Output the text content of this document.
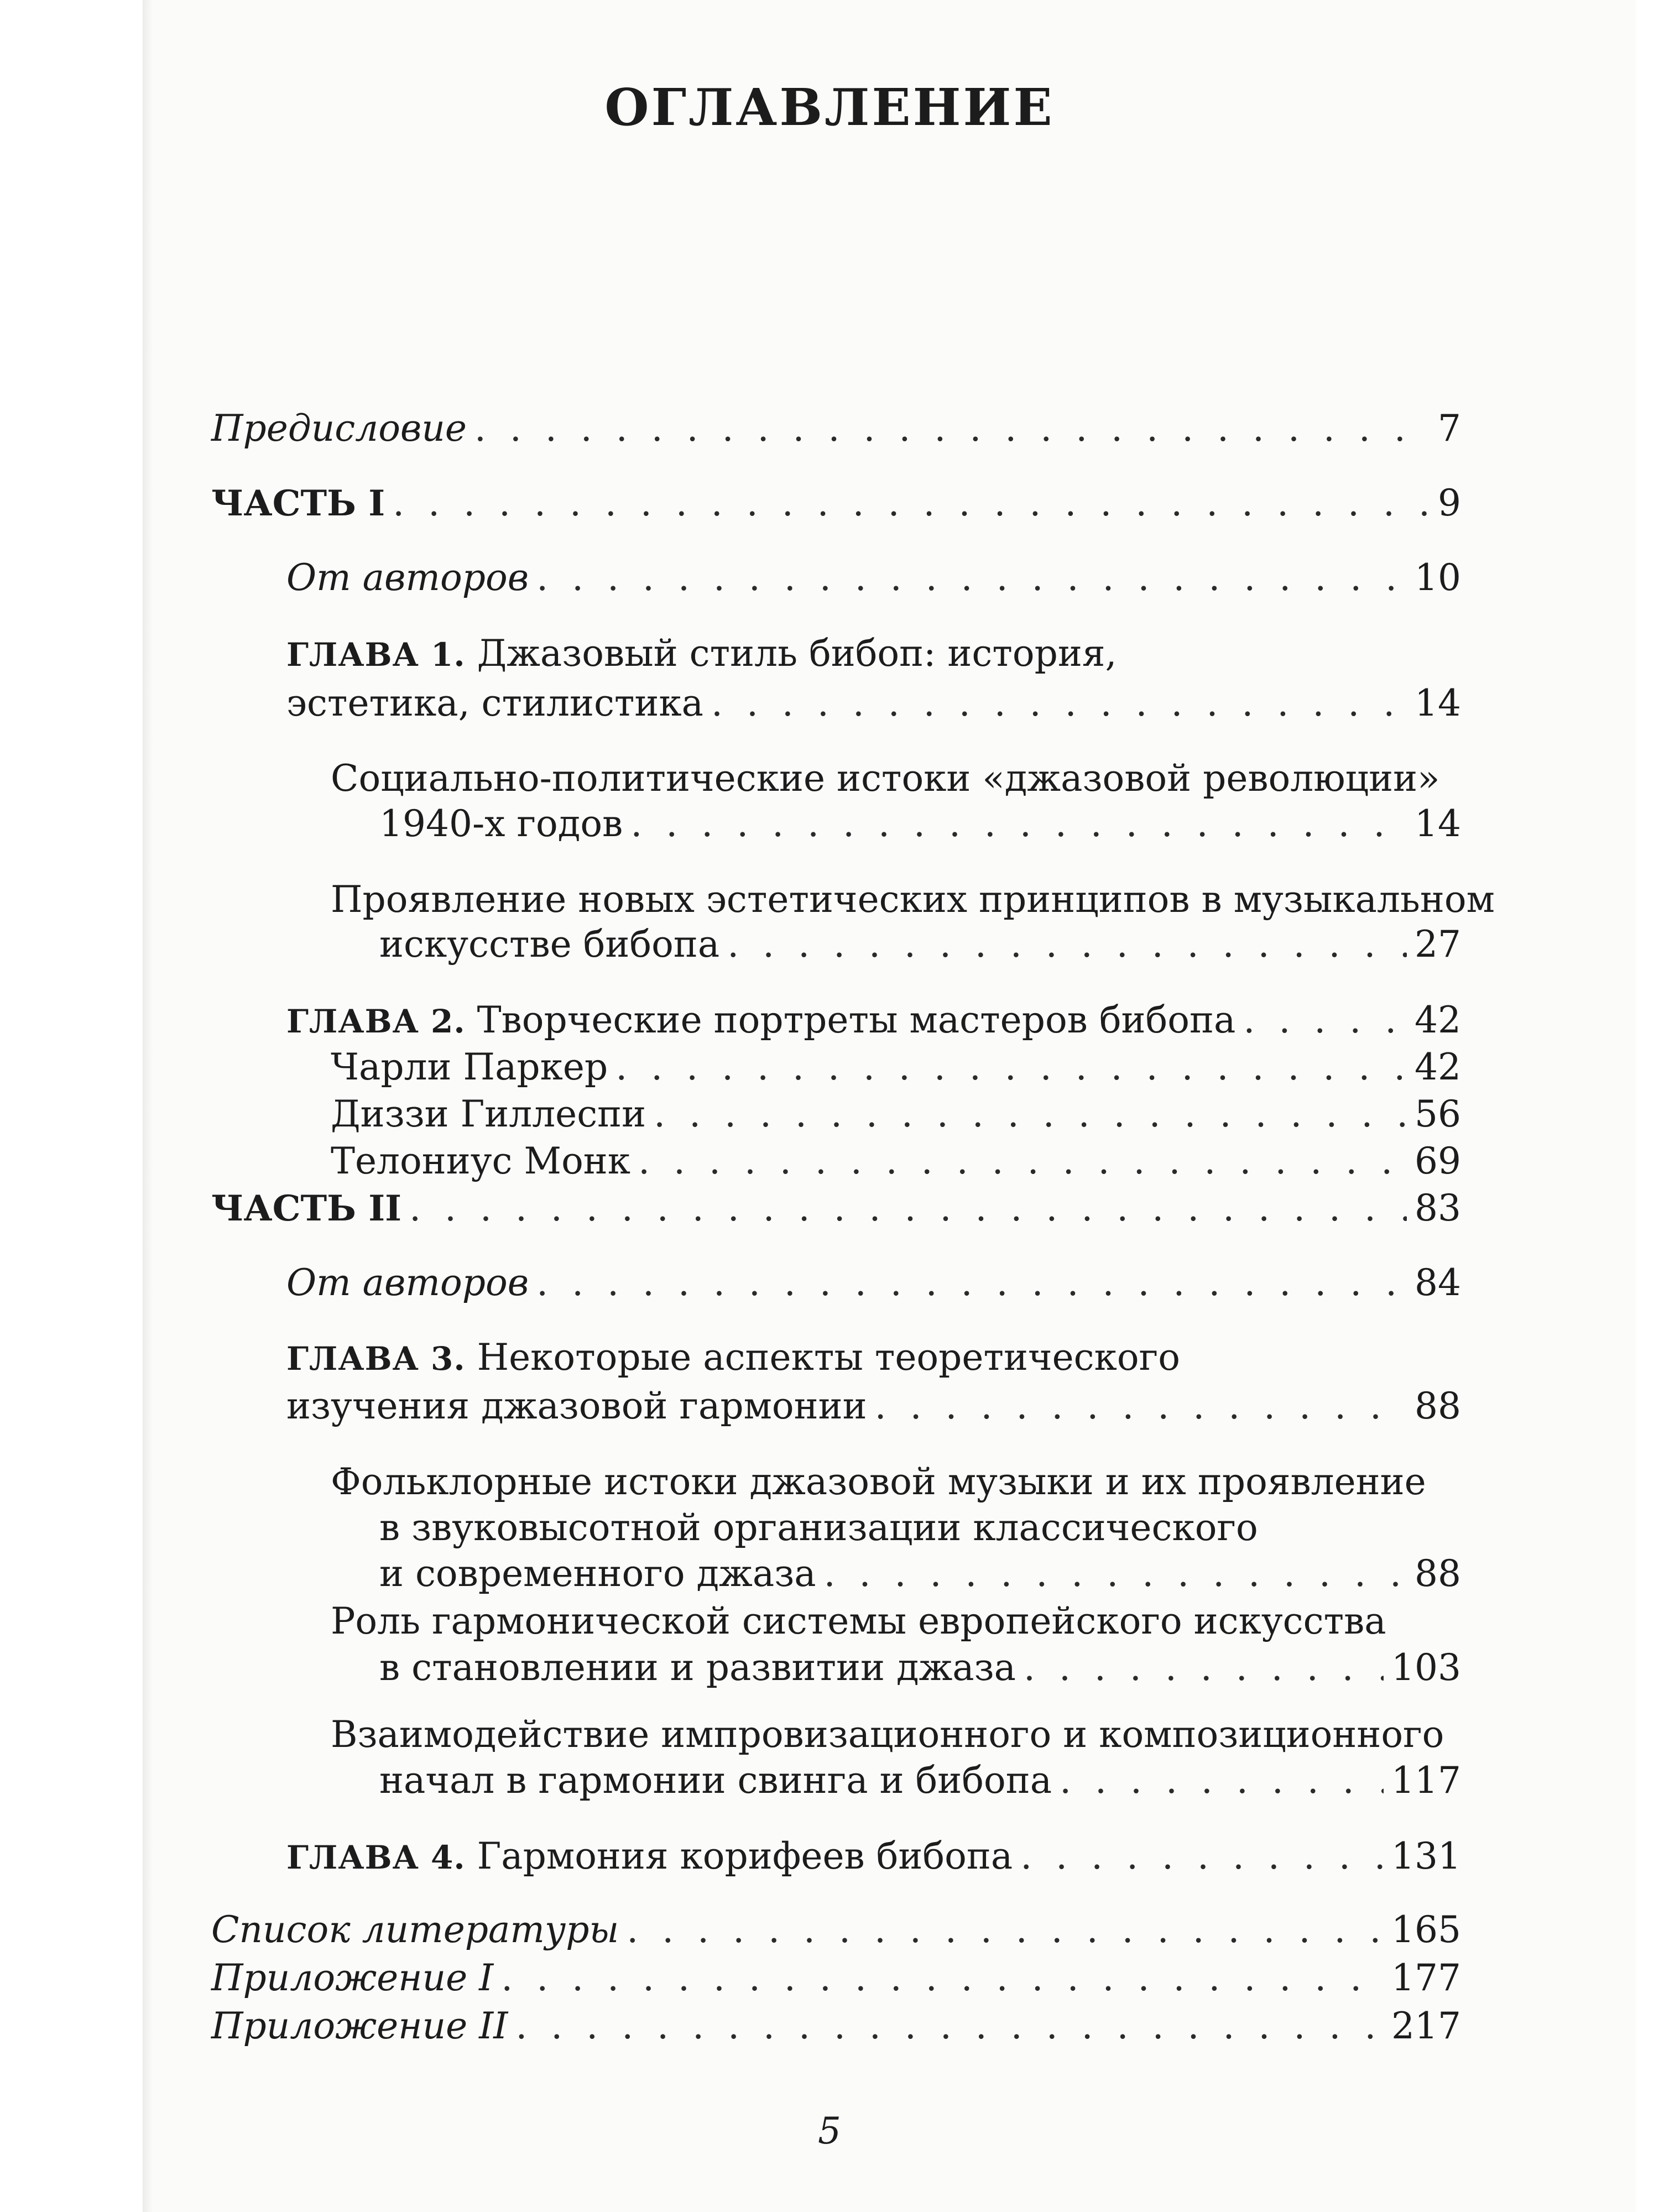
ОГЛАВЛЕНИЕ
Предисловие . . .	7
ЧАСТЬ I . . .	9
От авторов . . .	10
ГЛАВА 1. Джазовый стиль бибоп: история,
эстетика, стилистика . . .	14
Социально-политические истоки «джазовой революции»
1940-х годов . . .	14
Проявление новых эстетических принципов в музыкальном
искусстве бибопа . . .	27
ГЛАВА 2. Творческие портреты мастеров бибопа . . .	42
Чарли Паркер . . .	42
Диззи Гиллеспи . . .	56
Телониус Монк . . .	69
ЧАСТЬ II . . .	83
От авторов . . .	84
ГЛАВА 3. Некоторые аспекты теоретического
изучения джазовой гармонии . . .	88
Фольклорные истоки джазовой музыки и их проявление
в звуковысотной организации классического
и современного джаза . . .	88
Роль гармонической системы европейского искусства
в становлении и развитии джаза . . .	103
Взаимодействие импровизационного и композиционного
начал в гармонии свинга и бибопа . . .	117
ГЛАВА 4. Гармония корифеев бибопа . . .	131
Список литературы . . .	165
Приложение I . . .	177
Приложение II . . .	217
5
